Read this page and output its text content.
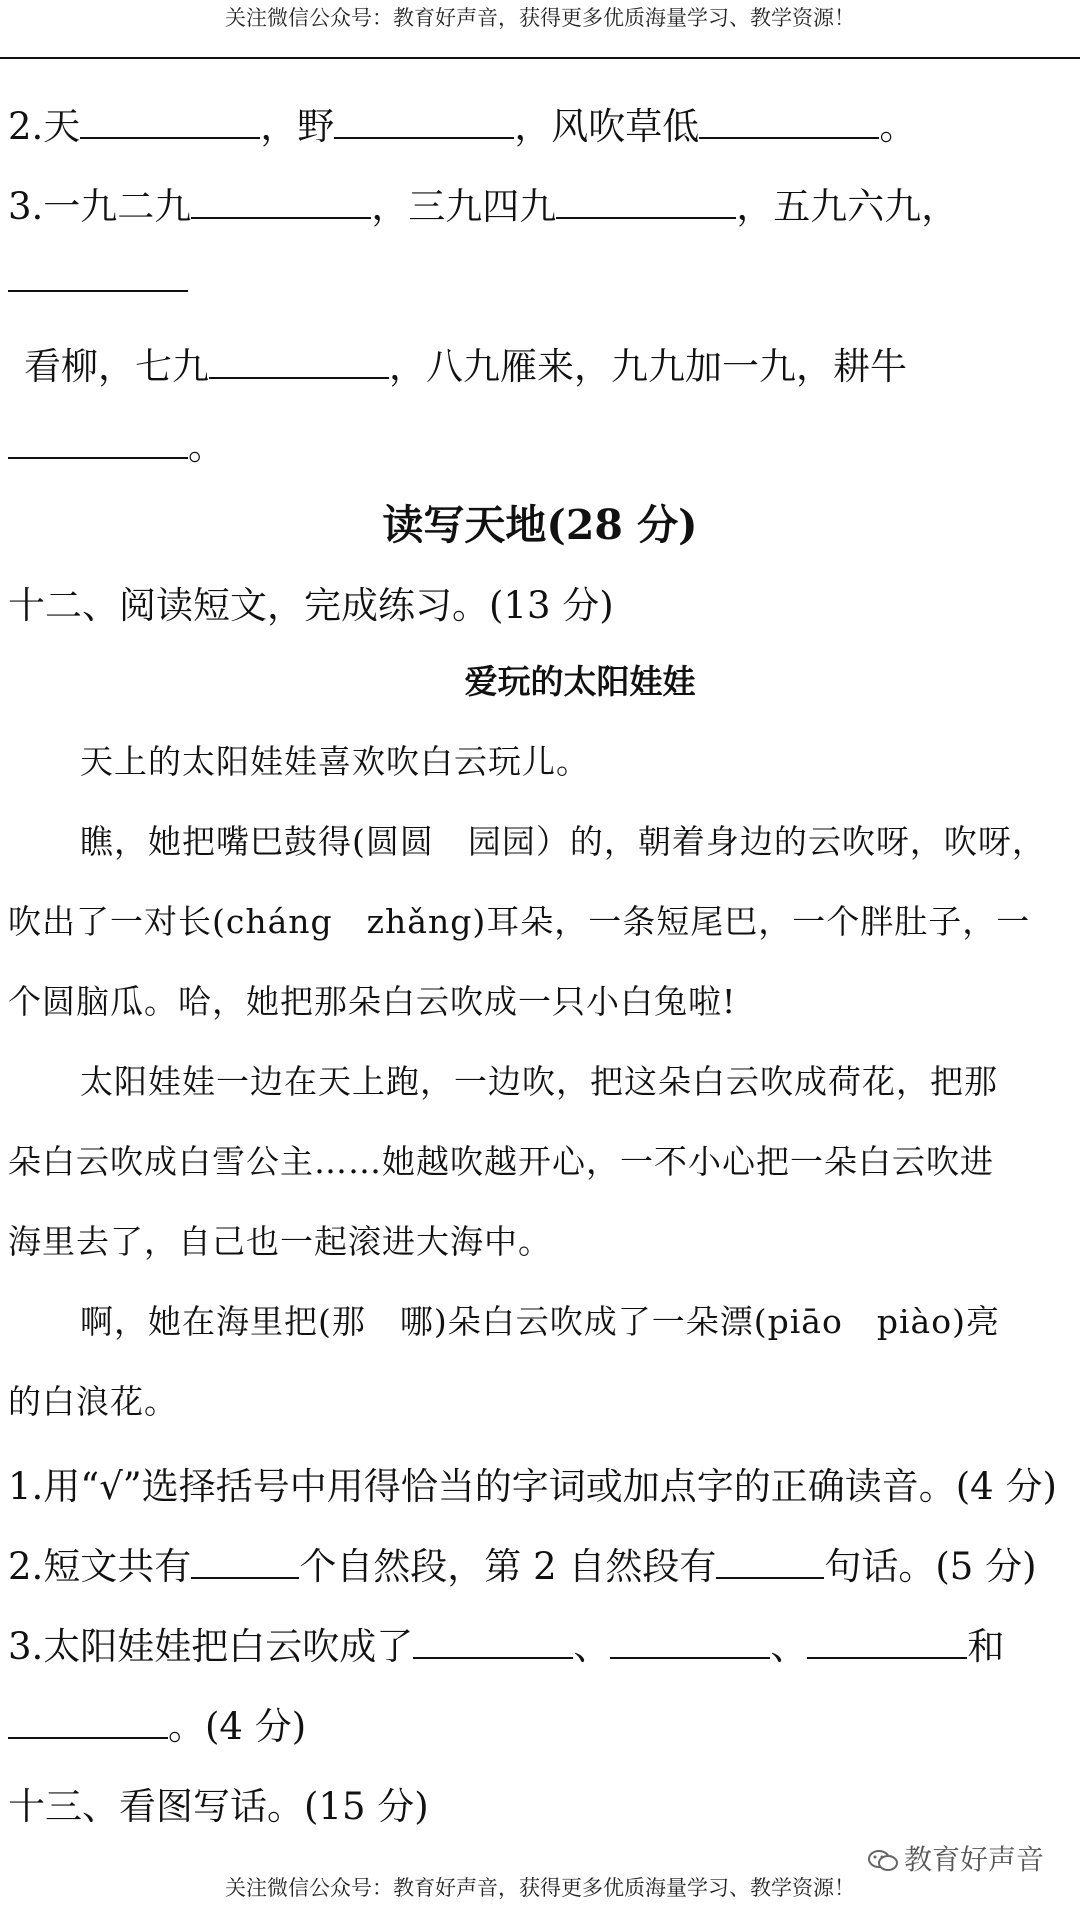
关注微信公众号：教育好声音，获得更多优质海量学习、教学资源！
2.天	，野	，风吹草低	。
3.一九二九	，三九四九	，五九六九，
看柳，七九	，八九雁来，九九加一九，耕牛
。
读写天地(28 分)
十二、阅读短文，完成练习。(13 分)
爱玩的太阳娃娃
天上的太阳娃娃喜欢吹白云玩儿。
瞧，她把嘴巴鼓得(圆圆　园园）的，朝着身边的云吹呀，吹呀，
吹出了一对长(cháng　zhǎng)耳朵，一条短尾巴，一个胖肚子，一
个圆脑瓜。哈，她把那朵白云吹成一只小白兔啦!
太阳娃娃一边在天上跑，一边吹，把这朵白云吹成荷花，把那
朵白云吹成白雪公主……她越吹越开心，一不小心把一朵白云吹进
海里去了，自己也一起滚进大海中。
啊，她在海里把(那　哪)朵白云吹成了一朵漂(piāo　piào)亮
的白浪花。
1.用“√”选择括号中用得恰当的字词或加点字的正确读音。(4 分)
2.短文共有	个自然段，第 2 自然段有	句话。(5 分)
3.太阳娃娃把白云吹成了	、	、	和
。(4 分)
十三、看图写话。(15 分)
教育好声音
关注微信公众号：教育好声音，获得更多优质海量学习、教学资源！
